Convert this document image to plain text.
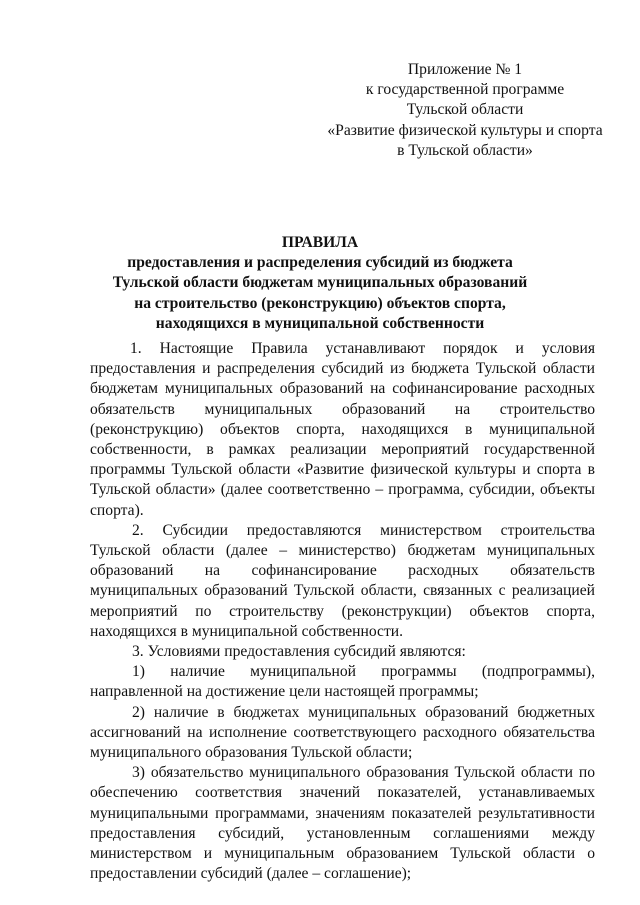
Приложение № 1
к государственной программе
Тульской области
«Развитие физической культуры и спорта
в Тульской области»
ПРАВИЛА
предоставления и распределения субсидий из бюджета
Тульской области бюджетам муниципальных образований
на строительство (реконструкцию) объектов спорта,
находящихся в муниципальной собственности

1. Настоящие Правила устанавливают порядок и условия предоставления и распределения субсидий из бюджета Тульской области бюджетам муниципальных образований на софинансирование расходных обязательств муниципальных образований на строительство (реконструкцию) объектов спорта, находящихся в муниципальной собственности, в рамках реализации мероприятий государственной программы Тульской области «Развитие физической культуры и спорта в Тульской области» (далее соответственно – программа, субсидии, объекты спорта).

2. Субсидии предоставляются министерством строительства Тульской области (далее – министерство) бюджетам муниципальных образований на софинансирование расходных обязательств муниципальных образований Тульской области, связанных с реализацией мероприятий по строительству (реконструкции) объектов спорта, находящихся в муниципальной собственности.

3. Условиями предоставления субсидий являются:

1) наличие муниципальной программы (подпрограммы), направленной на достижение цели настоящей программы;

2) наличие в бюджетах муниципальных образований бюджетных ассигнований на исполнение соответствующего расходного обязательства муниципального образования Тульской области;

3) обязательство муниципального образования Тульской области по обеспечению соответствия значений показателей, устанавливаемых муниципальными программами, значениям показателей результативности предоставления субсидий, установленным соглашениями между министерством и муниципальным образованием Тульской области о предоставлении субсидий (далее – соглашение);
